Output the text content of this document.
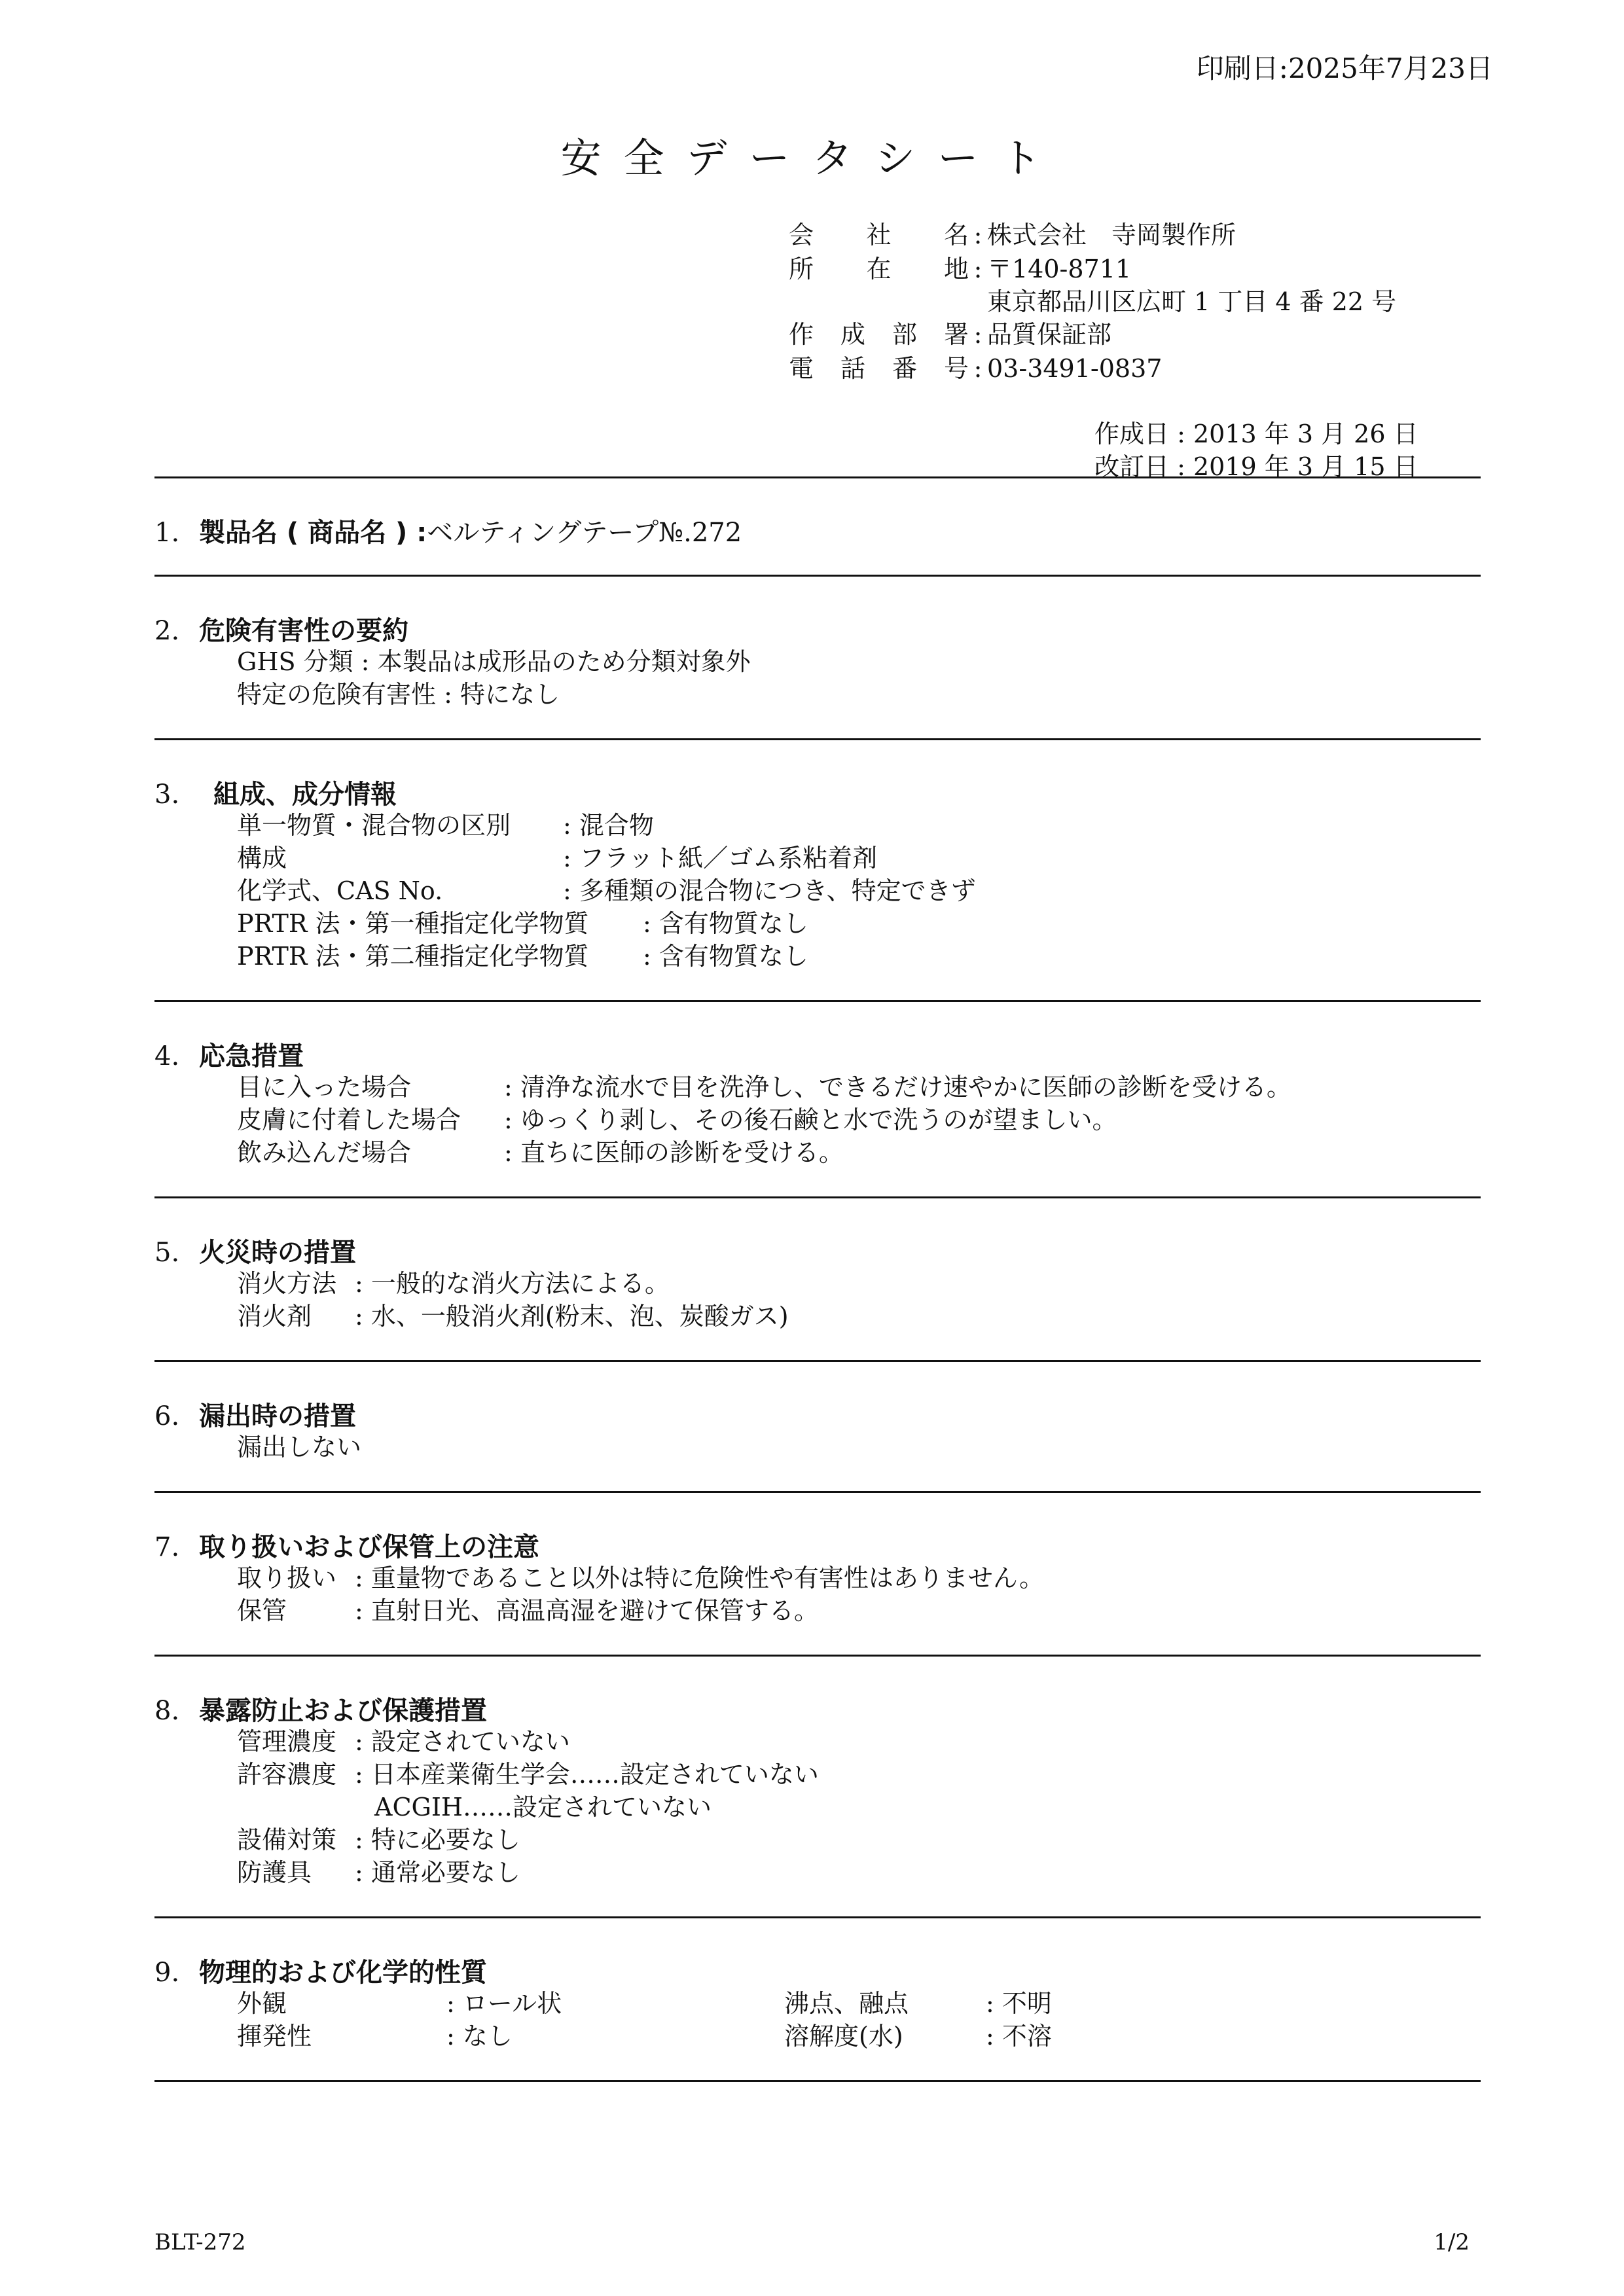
印刷日:2025年7月23日
安全データシート
会社名 : 株式会社　寺岡製作所
所在地 : 〒140-8711
東京都品川区広町 1 丁目 4 番 22 号
作成部署 : 品質保証部
電話番号 : 03-3491-0837
作成日 : 2013 年 3 月 26 日
改訂日 : 2019 年 3 月 15 日
1. 製品名 ( 商品名 ) :ベルティングテープ№.272
2. 危険有害性の要約
GHS 分類 : 本製品は成形品のため分類対象外
特定の危険有害性 : 特になし
3. 組成、成分情報
単一物質・混合物の区別 : 混合物
構成	: フラット紙／ゴム系粘着剤
化学式、CAS No.	: 多種類の混合物につき、特定できず
PRTR 法・第一種指定化学物質 : 含有物質なし
PRTR 法・第二種指定化学物質 : 含有物質なし
4. 応急措置
目に入った場合	: 清浄な流水で目を洗浄し、できるだけ速やかに医師の診断を受ける。
皮膚に付着した場合 : ゆっくり剥し、その後石鹸と水で洗うのが望ましい。
飲み込んだ場合	: 直ちに医師の診断を受ける。
5. 火災時の措置
消火方法 : 一般的な消火方法による。
消火剤 : 水、一般消火剤(粉末、泡、炭酸ガス)
6. 漏出時の措置
漏出しない
7. 取り扱いおよび保管上の注意
取り扱い : 重量物であること以外は特に危険性や有害性はありません。
保管	: 直射日光、高温高湿を避けて保管する。
8. 暴露防止および保護措置
管理濃度 : 設定されていない
許容濃度 : 日本産業衛生学会……設定されていない
ACGIH……設定されていない
設備対策 : 特に必要なし
防護具 : 通常必要なし
9. 物理的および化学的性質
外観	: ロール状	沸点、融点	: 不明
揮発性	: なし	溶解度(水)	: 不溶
BLT-272	1/2
